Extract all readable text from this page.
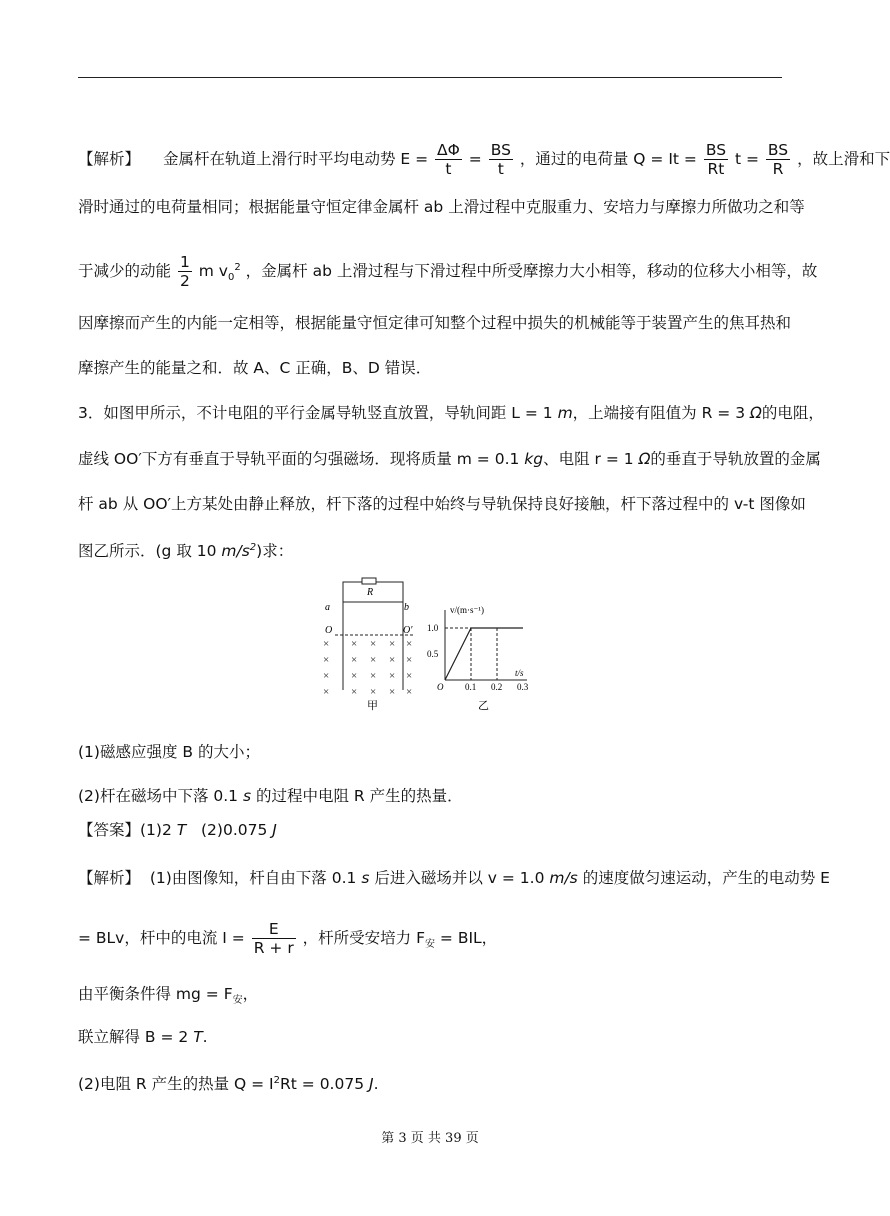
【解析】 金属杆在轨道上滑行时平均电动势 $E = \frac{\Delta\Phi}{t} = \frac{BS}{t}$ ，通过的电荷量 $Q = It = \frac{BS}{Rt}$ $t = \frac{BS}{R}$ ，故上滑和下
滑时通过的电荷量相同；根据能量守恒定律金属杆 ab 上滑过程中克服重力、安培力与摩擦力所做功之和等
于减少的动能 $\frac{1}{2}$ m $v_0^2$ ，金属杆 ab 上滑过程与下滑过程中所受摩擦力大小相等，移动的位移大小相等，故
因摩擦而产生的内能一定相等，根据能量守恒定律可知整个过程中损失的机械能等于装置产生的焦耳热和
摩擦产生的能量之和．故 A、C 正确，B、D 错误．
3．如图甲所示，不计电阻的平行金属导轨竖直放置，导轨间距 L = 1 m，上端接有阻值为 R = 3 Ω的电阻，
虚线 OO′下方有垂直于导轨平面的匀强磁场．现将质量 m = 0.1 kg、电阻 r = 1 Ω的垂直于导轨放置的金属
杆 ab 从 OO′上方某处由静止释放，杆下落的过程中始终与导轨保持良好接触，杆下落过程中的 v-t 图像如
图乙所示．(g 取 10 $m/s^2$)求：
R
a	b
O	O′
× × × × ×
× × × × ×
× × × × ×
× × × × ×
甲
v/(m·s⁻¹)
t/s
O
1.0
0.5
0.1 0.2 0.3
乙
(1)磁感应强度 B 的大小；
(2)杆在磁场中下落 0.1 s 的过程中电阻 R 产生的热量．
【答案】(1)2 T   (2)0.075 J
【解析】  (1)由图像知，杆自由下落 0.1 s 后进入磁场并以 v = 1.0 m/s 的速度做匀速运动，产生的电动势 E
= BLv，杆中的电流 $I = \frac{E}{R + r}$ ，杆所受安培力 $F_安$ = BIL，
由平衡条件得 mg = $F_安$，
联立解得 B = 2 T.
(2)电阻 R 产生的热量 $Q = I^2Rt = 0.075$ J.
第 3 页 共 39 页
